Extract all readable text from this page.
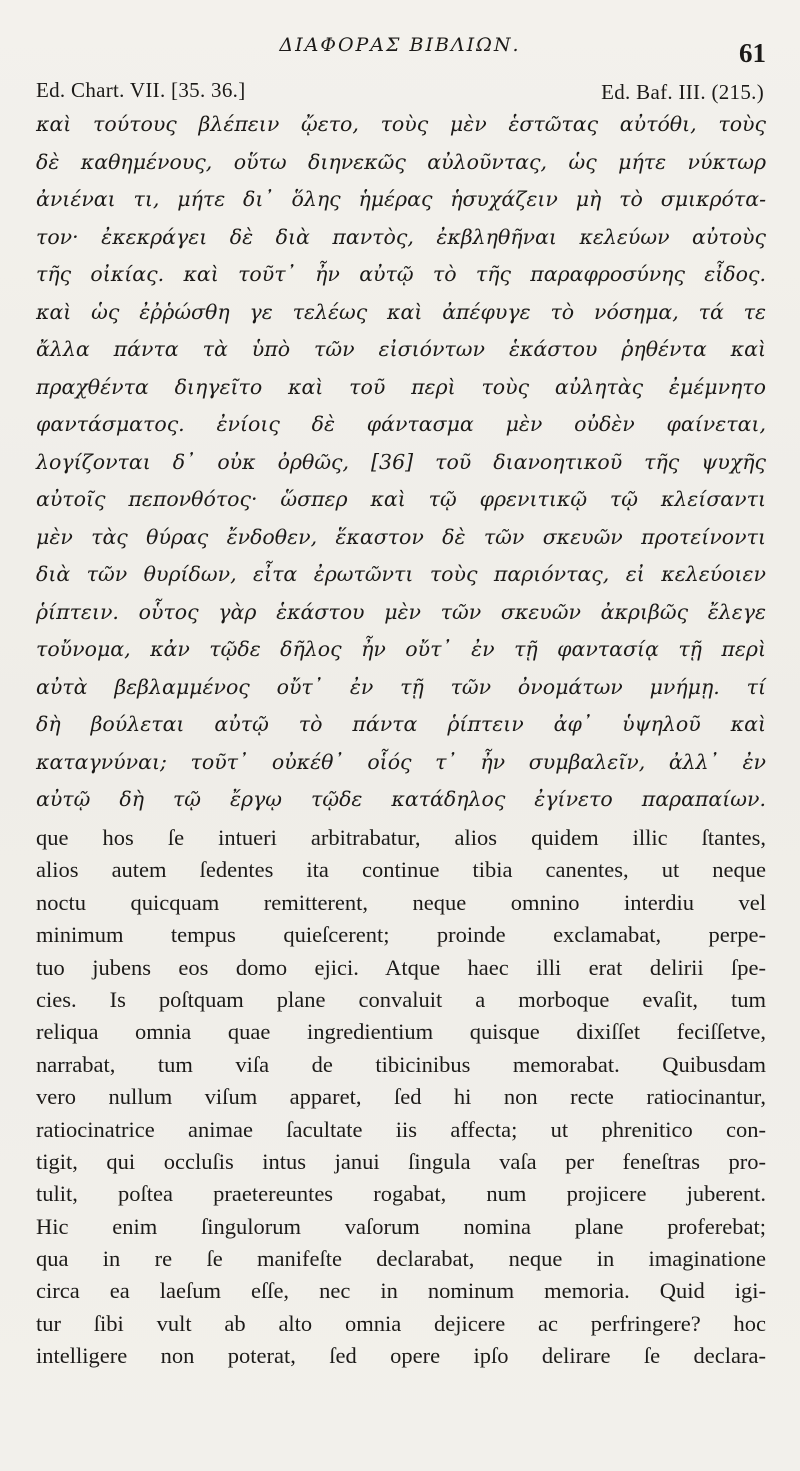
ΔΙΑΦΟΡΑΣ ΒΙΒΛΙΩΝ.	61
Ed. Chart. VII. [35. 36.]	Ed. Baf. III. (215.)
καὶ τούτους βλέπειν ᾤετο, τοὺς μὲν ἑστῶτας αὐτόθι, τοὺς
δὲ καθημένους, οὕτω διηνεκῶς αὐλοῦντας, ὡς μήτε νύκτωρ
ἀνιέναι τι, μήτε δι᾽ ὅλης ἡμέρας ἡσυχάζειν μὴ τὸ σμικρότα-
τον· ἐκεκράγει δὲ διὰ παντὸς, ἐκβληθῆναι κελεύων αὐτοὺς
τῆς οἰκίας. καὶ τοῦτ᾽ ἦν αὐτῷ τὸ τῆς παραφροσύνης εἶδος.
καὶ ὡς ἐῤῥώσθη γε τελέως καὶ ἀπέφυγε τὸ νόσημα, τά τε
ἄλλα πάντα τὰ ὑπὸ τῶν εἰσιόντων ἑκάστου ῥηθέντα καὶ
πραχθέντα διηγεῖτο καὶ τοῦ περὶ τοὺς αὐλητὰς ἐμέμνητο
φαντάσματος. ἐνίοις δὲ φάντασμα μὲν οὐδὲν φαίνεται,
λογίζονται δ᾽ οὐκ ὀρθῶς, [36] τοῦ διανοητικοῦ τῆς ψυχῆς
αὐτοῖς πεπονθότος· ὥσπερ καὶ τῷ φρενιτικῷ τῷ κλείσαντι
μὲν τὰς θύρας ἔνδοθεν, ἕκαστον δὲ τῶν σκευῶν προτείνοντι
διὰ τῶν θυρίδων, εἶτα ἐρωτῶντι τοὺς παριόντας, εἰ κελεύοιεν
ῥίπτειν. οὗτος γὰρ ἑκάστου μὲν τῶν σκευῶν ἀκριβῶς ἔλεγε
τοὔνομα, κἀν τῷδε δῆλος ἦν οὔτ᾽ ἐν τῇ φαντασίᾳ τῇ περὶ
αὐτὰ βεβλαμμένος οὔτ᾽ ἐν τῇ τῶν ὀνομάτων μνήμῃ. τί
δὴ βούλεται αὐτῷ τὸ πάντα ῥίπτειν ἀφ᾽ ὑψηλοῦ καὶ
καταγνύναι; τοῦτ᾽ οὐκέθ᾽ οἷός τ᾽ ἦν συμβαλεῖν, ἀλλ᾽ ἐν
αὐτῷ δὴ τῷ ἔργῳ τῷδε κατάδηλος ἐγίνετο παραπαίων.
que hos ſe intueri arbitrabatur, alios quidem illic ſtantes,
alios autem ſedentes ita continue tibia canentes, ut neque
noctu quicquam remitterent, neque omnino interdiu vel
minimum tempus quieſcerent; proinde exclamabat, perpe-
tuo jubens eos domo ejici. Atque haec illi erat delirii ſpe-
cies. Is poſtquam plane convaluit a morboque evaſit, tum
reliqua omnia quae ingredientium quisque dixiſſet feciſſetve,
narrabat, tum viſa de tibicinibus memorabat. Quibusdam
vero nullum viſum apparet, ſed hi non recte ratiocinantur,
ratiocinatrice animae ſacultate iis affecta; ut phrenitico con-
tigit, qui occluſis intus janui ſingula vaſa per feneſtras pro-
tulit, poſtea praetereuntes rogabat, num projicere juberent.
Hic enim ſingulorum vaſorum nomina plane proferebat;
qua in re ſe manifeſte declarabat, neque in imaginatione
circa ea laeſum eſſe, nec in nominum memoria. Quid igi-
tur ſibi vult ab alto omnia dejicere ac perfringere? hoc
intelligere non poterat, ſed opere ipſo delirare ſe declara-
